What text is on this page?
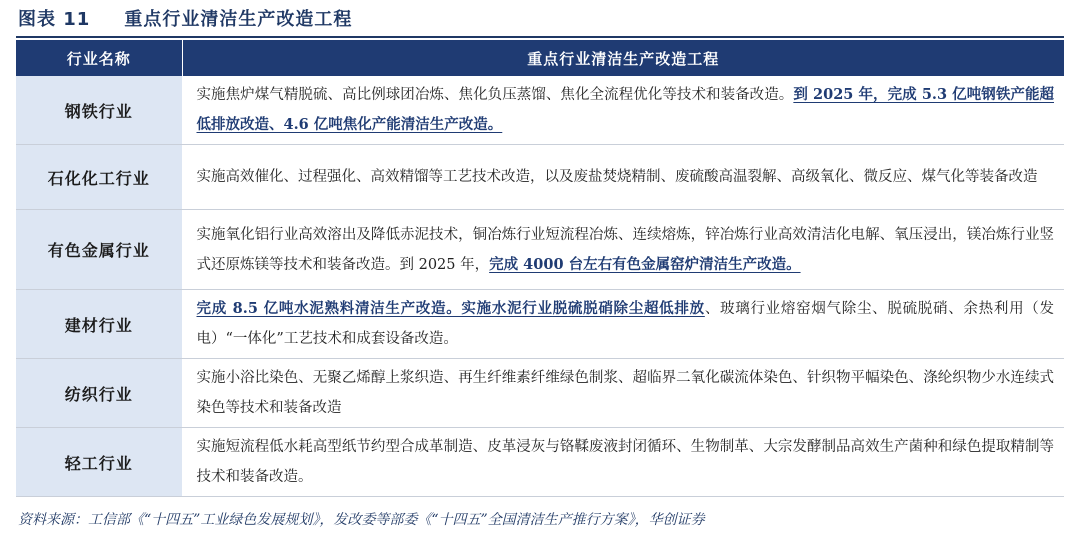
图表 11 重点行业清洁生产改造工程
行业名称	重点行业清洁生产改造工程
钢铁行业	实施焦炉煤气精脱硫、高比例球团冶炼、焦化负压蒸馏、焦化全流程优化等技术和装备改造。到 2025 年，完成 5.3 亿吨钢铁产能超低排放改造、4.6 亿吨焦化产能清洁生产改造。
石化化工行业	实施高效催化、过程强化、高效精馏等工艺技术改造，以及废盐焚烧精制、废硫酸高温裂解、高级氧化、微反应、煤气化等装备改造
有色金属行业	实施氧化铝行业高效溶出及降低赤泥技术，铜冶炼行业短流程冶炼、连续熔炼，锌冶炼行业高效清洁化电解、氧压浸出，镁冶炼行业竖式还原炼镁等技术和装备改造。到 2025 年，完成 4000 台左右有色金属窑炉清洁生产改造。
建材行业	完成 8.5 亿吨水泥熟料清洁生产改造。实施水泥行业脱硫脱硝除尘超低排放、玻璃行业熔窑烟气除尘、脱硫脱硝、余热利用（发电）“一体化”工艺技术和成套设备改造。
纺织行业	实施小浴比染色、无聚乙烯醇上浆织造、再生纤维素纤维绿色制浆、超临界二氧化碳流体染色、针织物平幅染色、涤纶织物少水连续式染色等技术和装备改造
轻工行业	实施短流程低水耗高型纸节约型合成革制造、皮革浸灰与铬鞣废液封闭循环、生物制革、大宗发酵制品高效生产菌种和绿色提取精制等技术和装备改造。
资料来源：工信部《“十四五”工业绿色发展规划》，发改委等部委《“十四五”全国清洁生产推行方案》，华创证券
